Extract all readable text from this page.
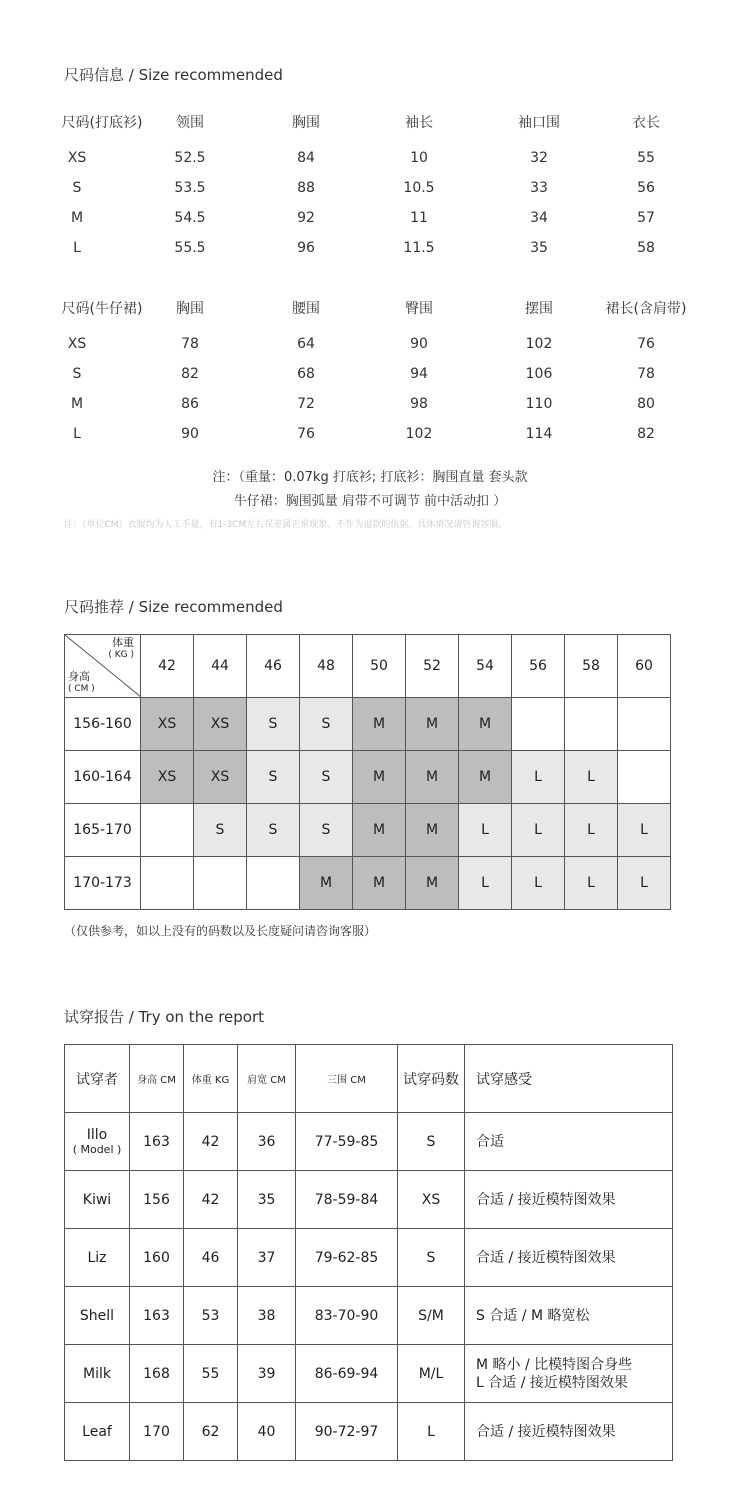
尺码信息 / Size recommended
尺码(打底衫) 领围	胸围	袖长	袖口围	衣长
XS	52.5	84	10	32	55
S	53.5	88	10.5	33	56
M	54.5	92	11	34	57
L	55.5	96	11.5	35	58
尺码(牛仔裙) 胸围	腰围	臀围	摆围	裙长(含肩带)
XS	78	64	90	102	76
S	82	68	94	106	78
M	86	72	98	110	80
L	90	76	102	114	82
注：（重量：0.07kg 打底衫; 打底衫：胸围直量 套头款
牛仔裙：胸围弧量 肩带不可调节 前中活动扣 ）
注：（单位CM）衣服均为人工手量，有1-3CM左右误差属正常现象。不作为退款的依据。具体情况请咨询客服。
尺码推荐 / Size recommended
体重
( KG )
身高
( CM )	42	44	46	48	50	52	54	56	58	60
156-160	XS	XS	S	S	M	M	M			
160-164	XS	XS	S	S	M	M	M	L	L	
165-170		S	S	S	M	M	L	L	L	L
170-173				M	M	M	L	L	L	L
（仅供参考，如以上没有的码数以及长度疑问请咨询客服）
试穿报告 / Try on the report
试穿者	身高 CM	体重 KG	肩宽 CM	三围 CM	试穿码数	试穿感受
Illo
( Model )	163	42	36	77-59-85	S	合适

Kiwi	156	42	35	78-59-84	XS	合适 / 接近模特图效果

Liz	160	46	37	79-62-85	S	合适 / 接近模特图效果

Shell	163	53	38	83-70-90	S/M	S 合适 / M 略宽松

Milk	168	55	39	86-69-94	M/L	M 略小 / 比模特图合身些
L 合适 / 接近模特图效果

Leaf	170	62	40	90-72-97	L	合适 / 接近模特图效果
